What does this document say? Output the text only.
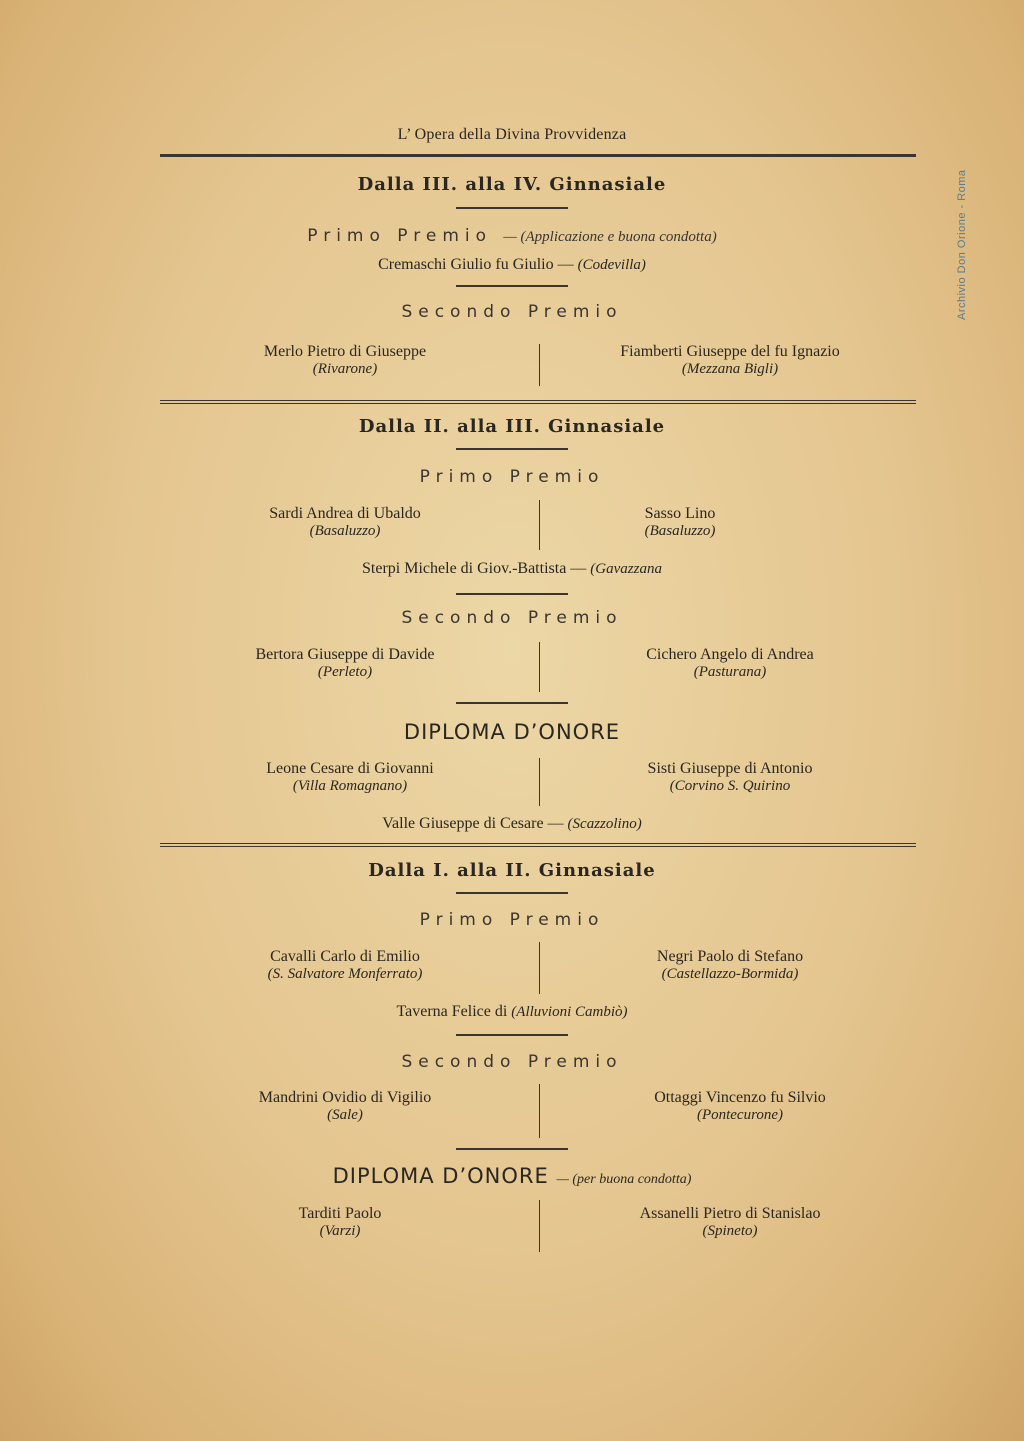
L’ Opera della Divina Provvidenza
Archivio Don Orione - Roma
Dalla III. alla IV. Ginnasiale
Primo Premio — (Applicazione e buona condotta)
Cremaschi Giulio fu Giulio — (Codevilla)
Secondo Premio
Merlo Pietro di Giuseppe
(Rivarone)
Fiamberti Giuseppe del fu Ignazio
(Mezzana Bigli)
Dalla II. alla III. Ginnasiale
Primo Premio
Sardi Andrea di Ubaldo
(Basaluzzo)
Sasso Lino
(Basaluzzo)
Sterpi Michele di Giov.-Battista — (Gavazzana
Secondo Premio
Bertora Giuseppe di Davide
(Perleto)
Cichero Angelo di Andrea
(Pasturana)
DIPLOMA D’ONORE
Leone Cesare di Giovanni
(Villa Romagnano)
Sisti Giuseppe di Antonio
(Corvino S. Quirino
Valle Giuseppe di Cesare — (Scazzolino)
Dalla I. alla II. Ginnasiale
Primo Premio
Cavalli Carlo di Emilio
(S. Salvatore Monferrato)
Negri Paolo di Stefano
(Castellazzo-Bormida)
Taverna Felice di (Alluvioni Cambiò)
Secondo Premio
Mandrini Ovidio di Vigilio
(Sale)
Ottaggi Vincenzo fu Silvio
(Pontecurone)
DIPLOMA D’ONORE — (per buona condotta)
Tarditi Paolo
(Varzi)
Assanelli Pietro di Stanislao
(Spineto)
